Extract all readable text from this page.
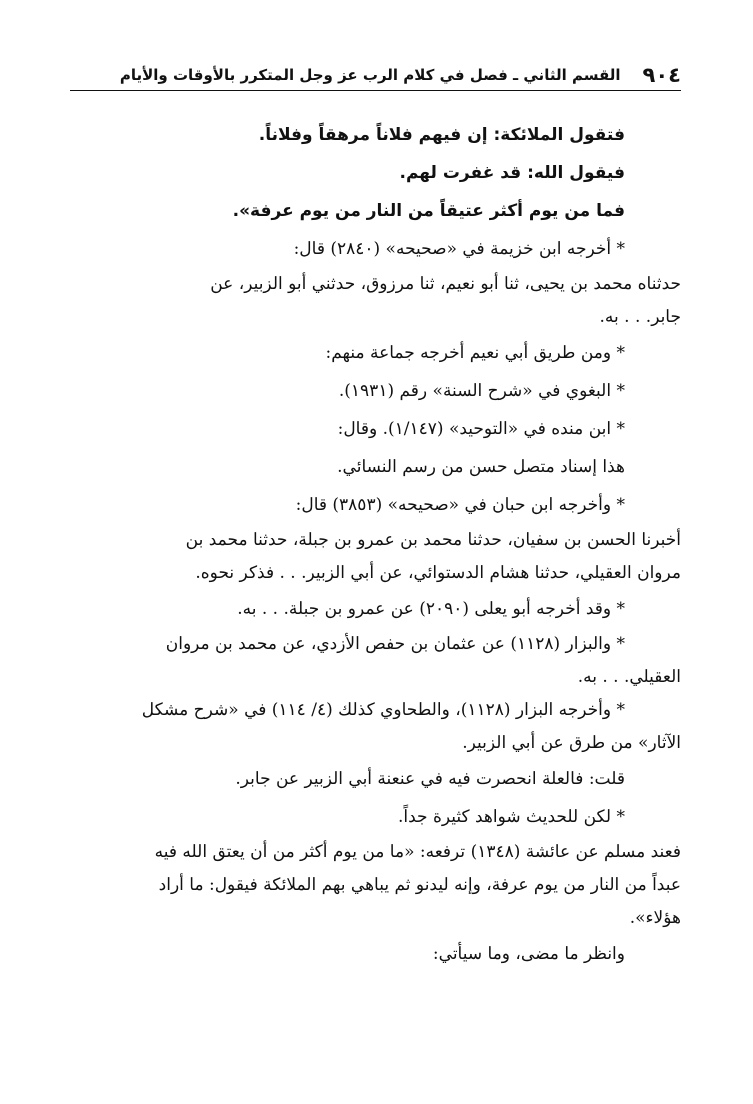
٩٠٤
القسم الثاني ـ فصل في كلام الرب عز وجل المتكرر بالأوقات والأيام

فتقول الملائكة: إن فيهم فلاناً مرهقاً وفلاناً.

فيقول الله: قد غفرت لهم.

فما من يوم أكثر عتيقاً من النار من يوم عرفة».

* أخرجه ابن خزيمة في «صحيحه» (٢٨٤٠) قال:

حدثناه محمد بن يحيى، ثنا أبو نعيم، ثنا مرزوق، حدثني أبو الزبير، عن

جابر. . . به.

* ومن طريق أبي نعيم أخرجه جماعة منهم:

* البغوي في «شرح السنة» رقم (١٩٣١).

* ابن منده في «التوحيد» (١/١٤٧). وقال:

هذا إسناد متصل حسن من رسم النسائي.

* وأخرجه ابن حبان في «صحيحه» (٣٨٥٣) قال:

أخبرنا الحسن بن سفيان، حدثنا محمد بن عمرو بن جبلة، حدثنا محمد بن

مروان العقيلي، حدثنا هشام الدستوائي، عن أبي الزبير. . . فذكر نحوه.

* وقد أخرجه أبو يعلى (٢٠٩٠) عن عمرو بن جبلة. . . به.

* والبزار (١١٢٨) عن عثمان بن حفص الأزدي، عن محمد بن مروان

العقيلي. . . به.

* وأخرجه البزار (١١٢٨)، والطحاوي كذلك (٤/ ١١٤) في «شرح مشكل

الآثار» من طرق عن أبي الزبير.

قلت: فالعلة انحصرت فيه في عنعنة أبي الزبير عن جابر.

* لكن للحديث شواهد كثيرة جداً.

فعند مسلم عن عائشة (١٣٤٨) ترفعه: «ما من يوم أكثر من أن يعتق الله فيه

عبداً من النار من يوم عرفة، وإنه ليدنو ثم يباهي بهم الملائكة فيقول: ما أراد

هؤلاء».

وانظر ما مضى، وما سيأتي:
